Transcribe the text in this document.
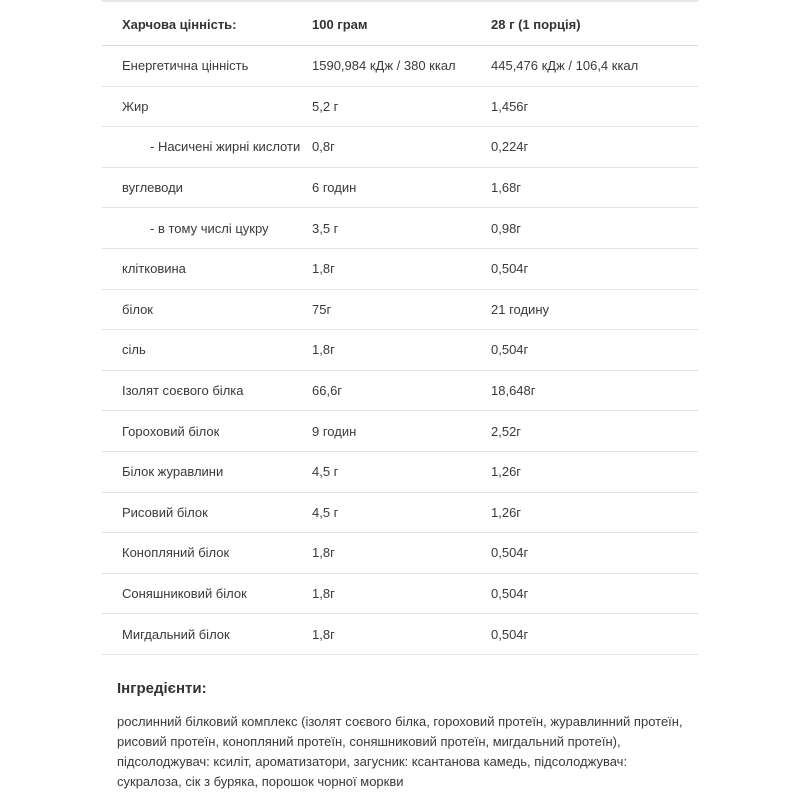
Харчова цінність:	100 грам	28 г (1 порція)
Енергетична цінність	1590,984 кДж / 380 ккал	445,476 кДж / 106,4 ккал
Жир	5,2 г	1,456г
- Насичені жирні кислоти	0,8г	0,224г
вуглеводи	6 годин	1,68г
- в тому числі цукру	3,5 г	0,98г
клітковина	1,8г	0,504г
білок	75г	21 годину
сіль	1,8г	0,504г
Ізолят соєвого білка	66,6г	18,648г
Гороховий білок	9 годин	2,52г
Білок журавлини	4,5 г	1,26г
Рисовий білок	4,5 г	1,26г
Конопляний білок	1,8г	0,504г
Соняшниковий білок	1,8г	0,504г
Мигдальний білок	1,8г	0,504г
Інгредієнти:

рослинний білковий комплекс (ізолят соєвого білка, гороховий протеїн, журавлинний протеїн, рисовий протеїн, конопляний протеїн, соняшниковий протеїн, мигдальний протеїн), підсолоджувач: ксиліт, ароматизатори, загусник: ксантанова камедь, підсолоджувач: сукралоза, сік з буряка, порошок чорної моркви
